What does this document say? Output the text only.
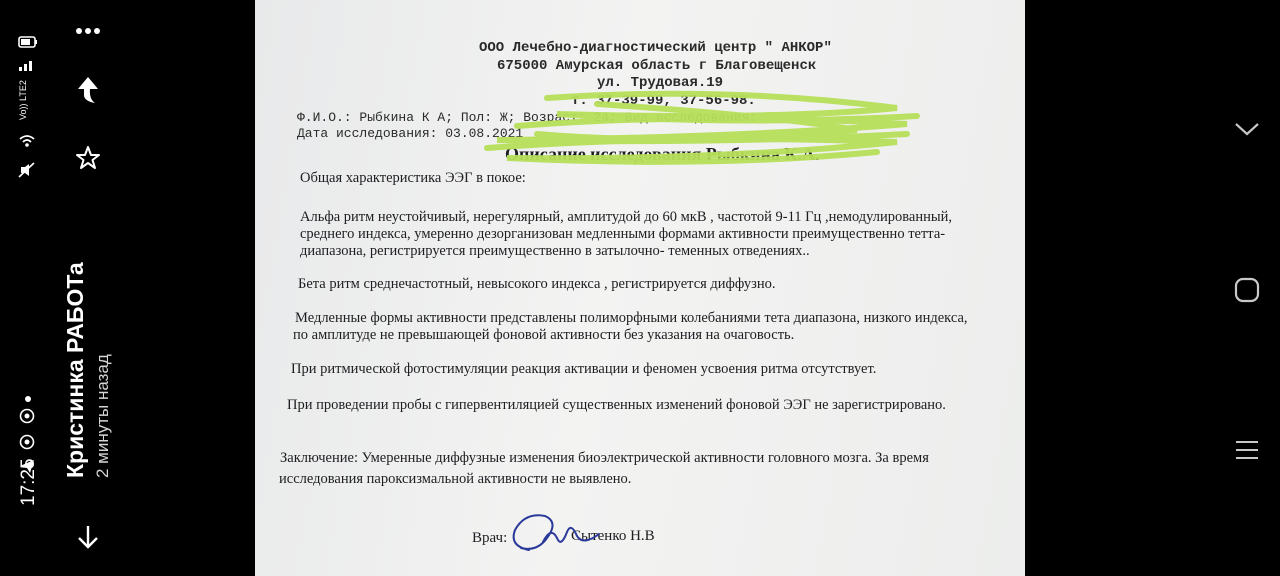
Vo)) LTE2
17:25
Кристинка РАБОТа 2 минуты назад
ООО Лечебно-диагностический центр " АНКОР"
675000 Амурская область г Благовещенск
ул. Трудовая.19
т. 37-39-99, 37-56-98.
Ф.И.О.: Рыбкина К А; Пол: Ж; Возраст: 24; Вид исследования:
Дата исследования: 03.08.2021
Описание исследования Рыбкина К.А.
Общая характеристика ЭЭГ в покое:
Альфа ритм неустойчивый, нерегулярный, амплитудой до 60 мкВ , частотой 9-11 Гц ,немодулированный,
среднего индекса, умеренно дезорганизован медленными формами активности преимущественно тетта-
диапазона, регистрируется преимущественно в затылочно- теменных отведениях..
Бета ритм среднечастотный, невысокого индекса , регистрируется диффузно.
Медленные формы активности представлены полиморфными колебаниями тета диапазона, низкого индекса,
по амплитуде не превышающей фоновой активности без указания на очаговость.
При ритмической фотостимуляции реакция активации и феномен усвоения ритма отсутствует.
При проведении пробы с гипервентиляцией существенных изменений фоновой ЭЭГ не зарегистрировано.
Заключение: Умеренные диффузные изменения биоэлектрической активности головного мозга. За время
исследования пароксизмальной активности не выявлено.
Врач:	Сытенко Н.В
